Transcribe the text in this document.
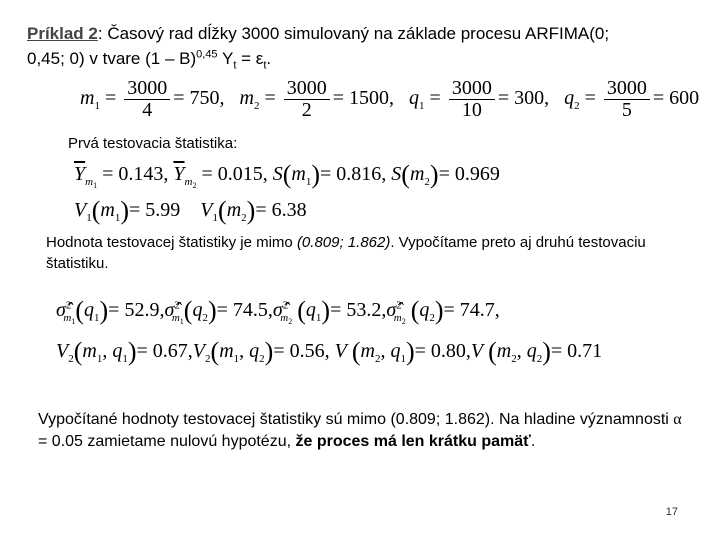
Príklad 2: Časový rad dĺžky 3000 simulovaný na základe procesu ARFIMA(0;
0,45; 0) v tvare (1 – B)$^{0,45}$ $Y_t = \varepsilon_t$.
$m_1 = \frac{3000}{4} = 750$, $m_2 = \frac{3000}{2} = 1500$, $q_1 = \frac{3000}{10} = 300$, $q_2 = \frac{3000}{5} = 600$
Prvá testovacia štatistika:
$\overline{Y}_{m_1} = 0.143$, $\overline{Y}_{m_2} = 0.015$, $S(m_1)= 0.816$, $S(m_2)= 0.969$
$V_1(m_1)= 5.99$ $V_1(m_2)= 6.38$
Hodnota testovacej štatistiky je mimo (0.809; 1.862). Vypočítame preto aj druhú testovaciu štatistiku.
$\sigmâ^2_{m_1}(q_1)=$ $52.9,\sigmâ^2_{m_1}(q_2)=$ 74.5,σ̂$^2_{m_2}$ $(q_1)=$ 53.2,σ̂$^2_{m_2}$ $(q_2)= 74.7$,
$V_2(m_1$, $q_1)= 0.67,V_2(m_1$, $q_2)= 0.56$, V ($m_2$, $q_1)= 0.80,V$ ($m_2$, $q_2)= 0.71$
Vypočítané hodnoty testovacej štatistiky sú mimo (0.809; 1.862). Na hladine významnosti α = 0.05 zamietame nulovú hypotézu, že proces má len krátku pamäť.
17
